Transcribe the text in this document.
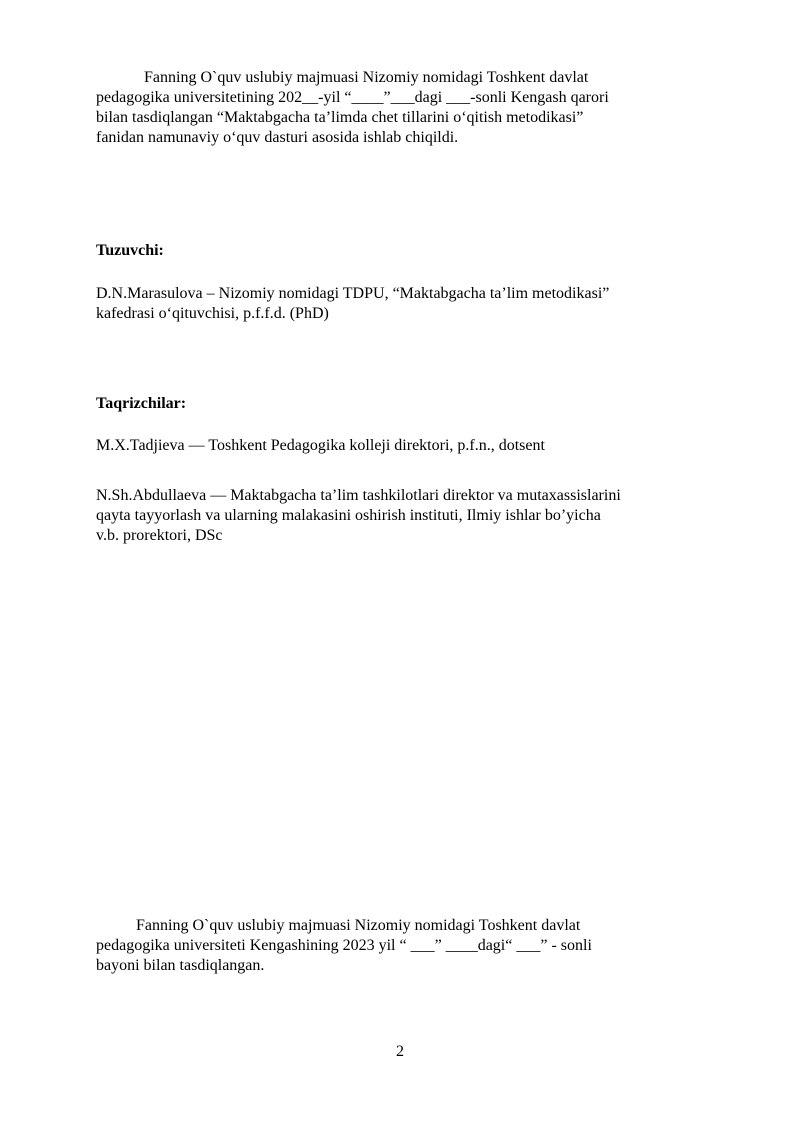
Fanning O`quv uslubiy majmuasi Nizomiy nomidagi Toshkent davlat

pedagogika universitetining 202__-yil “____”___dagi ___-sonli Kengash qarori

bilan tasdiqlangan “Maktabgacha ta’limda chet tillarini o‘qitish metodikasi”

fanidan namunaviy o‘quv dasturi asosida ishlab chiqildi.

Tuzuvchi:

D.N.Marasulova – Nizomiy nomidagi TDPU, “Maktabgacha ta’lim metodikasi”

kafedrasi o‘qituvchisi, p.f.f.d. (PhD)

Taqrizchilar:

M.X.Tadjieva — Toshkent Pedagogika kolleji direktori, p.f.n., dotsent

N.Sh.Abdullaeva — Maktabgacha ta’lim tashkilotlari direktor va mutaxassislarini

qayta tayyorlash va ularning malakasini oshirish instituti, Ilmiy ishlar bo’yicha

v.b. prorektori, DSc

Fanning O`quv uslubiy majmuasi Nizomiy nomidagi Toshkent davlat

pedagogika universiteti Kengashining 2023 yil “ ___” ____dagi“ ___” - sonli

bayoni bilan tasdiqlangan.

2
